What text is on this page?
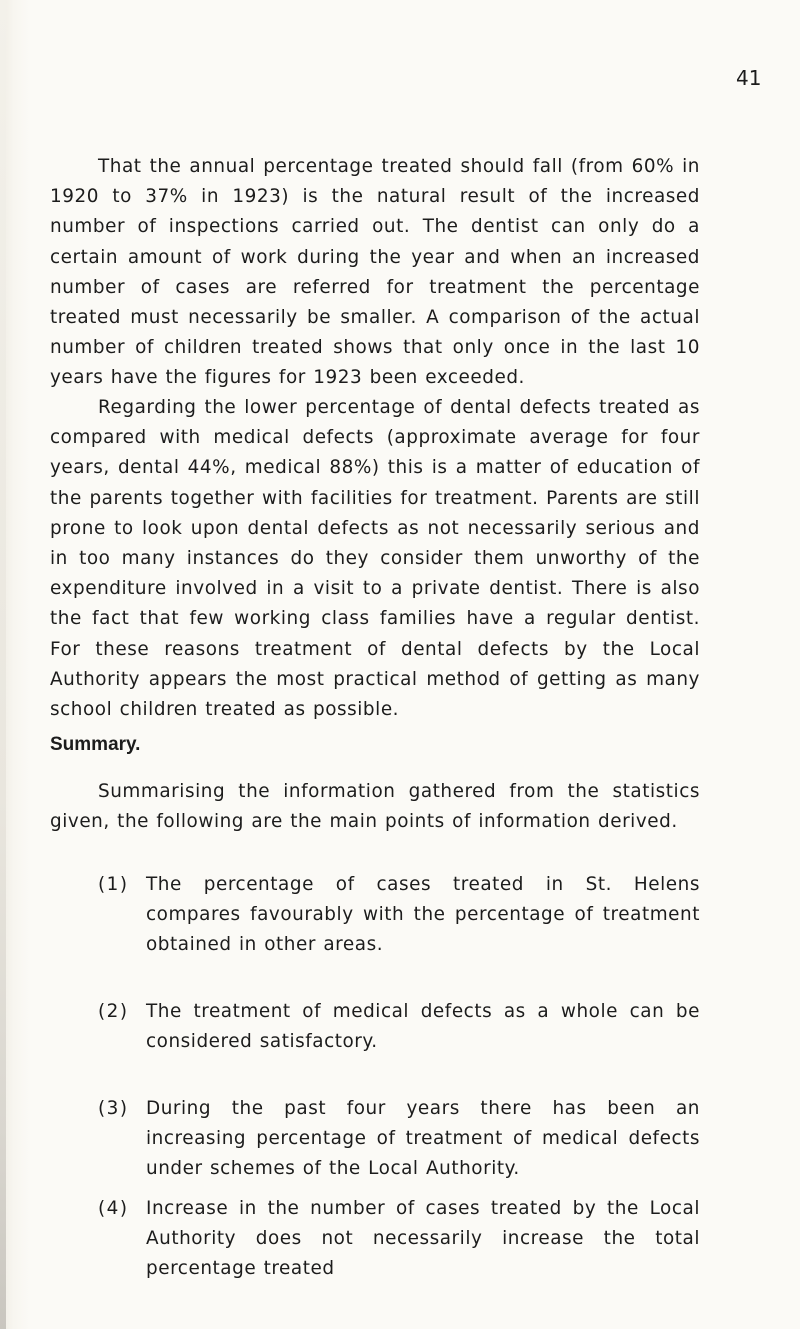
41

That the annual percentage treated should fall (from 60% in 1920 to 37% in 1923) is the natural result of the increased number of inspections carried out. The dentist can only do a certain amount of work during the year and when an increased number of cases are referred for treatment the percentage treated must necessarily be smaller. A comparison of the actual number of children treated shows that only once in the last 10 years have the figures for 1923 been exceeded.

Regarding the lower percentage of dental defects treated as compared with medical defects (approximate average for four years, dental 44%, medical 88%) this is a matter of education of the parents together with facilities for treatment. Parents are still prone to look upon dental defects as not necessarily serious and in too many instances do they consider them unworthy of the expenditure involved in a visit to a private dentist. There is also the fact that few working class families have a regular dentist. For these reasons treatment of dental defects by the Local Authority appears the most practical method of getting as many school children treated as possible.

Summary.

Summarising the information gathered from the statistics given, the following are the main points of information derived.

(1) The percentage of cases treated in St. Helens compares favourably with the percentage of treatment obtained in other areas.

(2) The treatment of medical defects as a whole can be considered satisfactory.

(3) During the past four years there has been an increasing percentage of treatment of medical defects under schemes of the Local Authority.

(4) Increase in the number of cases treated by the Local Authority does not necessarily increase the total percentage treated
